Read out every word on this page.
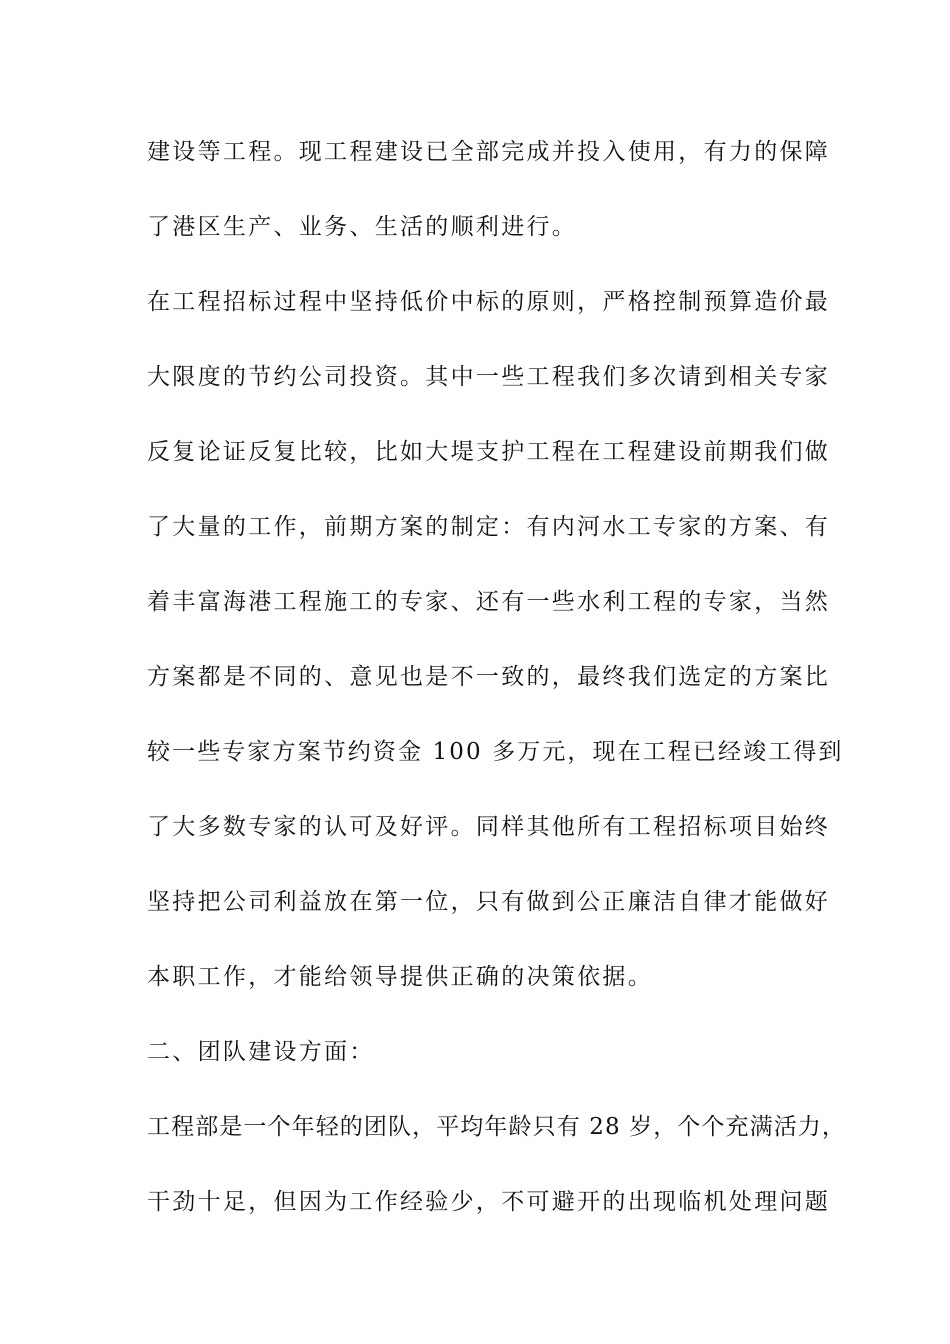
建设等工程。现工程建设已全部完成并投入使用，有力的保障
了港区生产、业务、生活的顺利进行。
在工程招标过程中坚持低价中标的原则，严格控制预算造价最
大限度的节约公司投资。其中一些工程我们多次请到相关专家
反复论证反复比较，比如大堤支护工程在工程建设前期我们做
了大量的工作，前期方案的制定：有内河水工专家的方案、有
着丰富海港工程施工的专家、还有一些水利工程的专家，当然
方案都是不同的、意见也是不一致的，最终我们选定的方案比
较一些专家方案节约资金 100 多万元，现在工程已经竣工得到
了大多数专家的认可及好评。同样其他所有工程招标项目始终
坚持把公司利益放在第一位，只有做到公正廉洁自律才能做好
本职工作，才能给领导提供正确的决策依据。
二、团队建设方面：
工程部是一个年轻的团队，平均年龄只有 28 岁，个个充满活力，
干劲十足，但因为工作经验少，不可避开的出现临机处理问题
